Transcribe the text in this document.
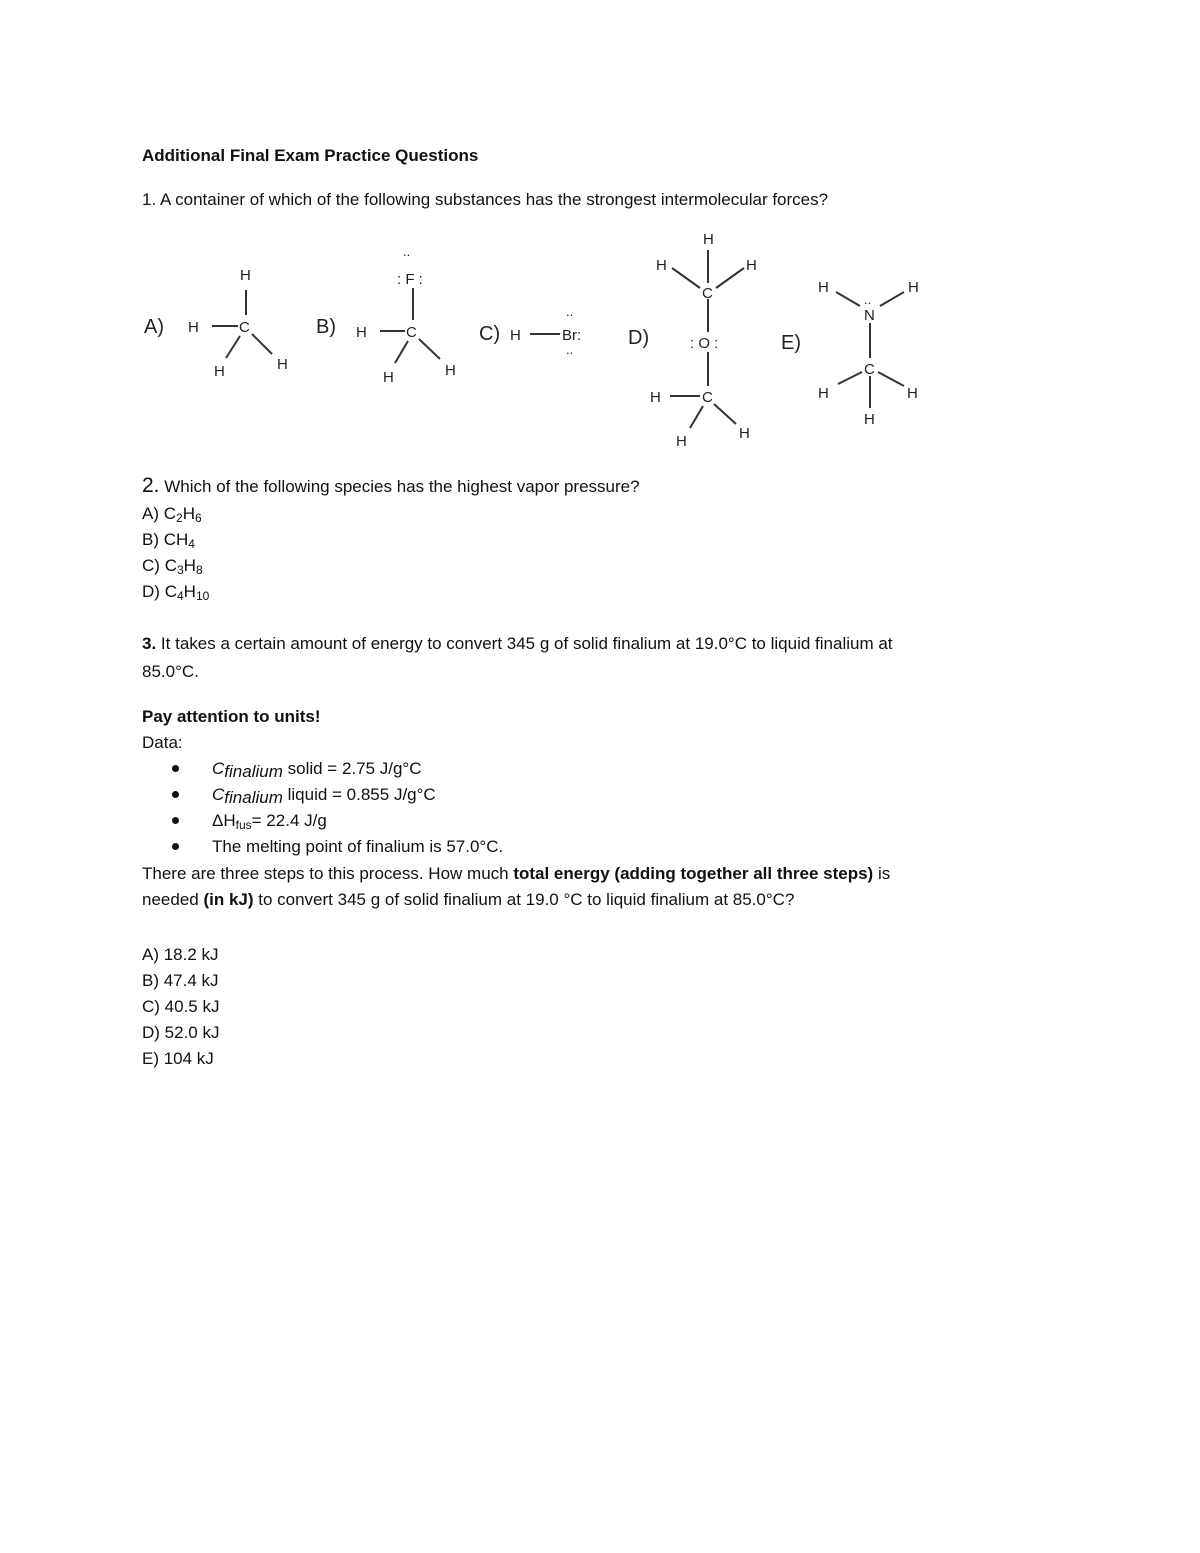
Additional Final Exam Practice Questions

1. A container of which of the following substances has the strongest intermolecular forces?

A)	B)	C)	D)	E)
H
H	C
H	H
..
: F :
H	C
H	H
H	Br:
..
..
H
H	H
C
: O :
H	C
H	H
H	H
..
N
C
H	H
H

2. Which of the following species has the highest vapor pressure?

A) $C_2H_6$

B) $CH_4$

C) $C_3H_8$

D) $C_4H_{10}$

3. It takes a certain amount of energy to convert 345 g of solid finalium at 19.0°C to liquid finalium at

85.0°C.

Pay attention to units!

Data:

$C_{finalium}$ solid = 2.75 J/g°C
$C_{finalium}$ liquid = 0.855 J/g°C
$\Delta H_{fus}= 22.4$ J/g
The melting point of finalium is 57.0°C.

There are three steps to this process. How much total energy (adding together all three steps) is

needed (in kJ) to convert 345 g of solid finalium at 19.0 °C to liquid finalium at 85.0°C?

A) 18.2 kJ

B) 47.4 kJ

C) 40.5 kJ

D) 52.0 kJ

E) 104 kJ
